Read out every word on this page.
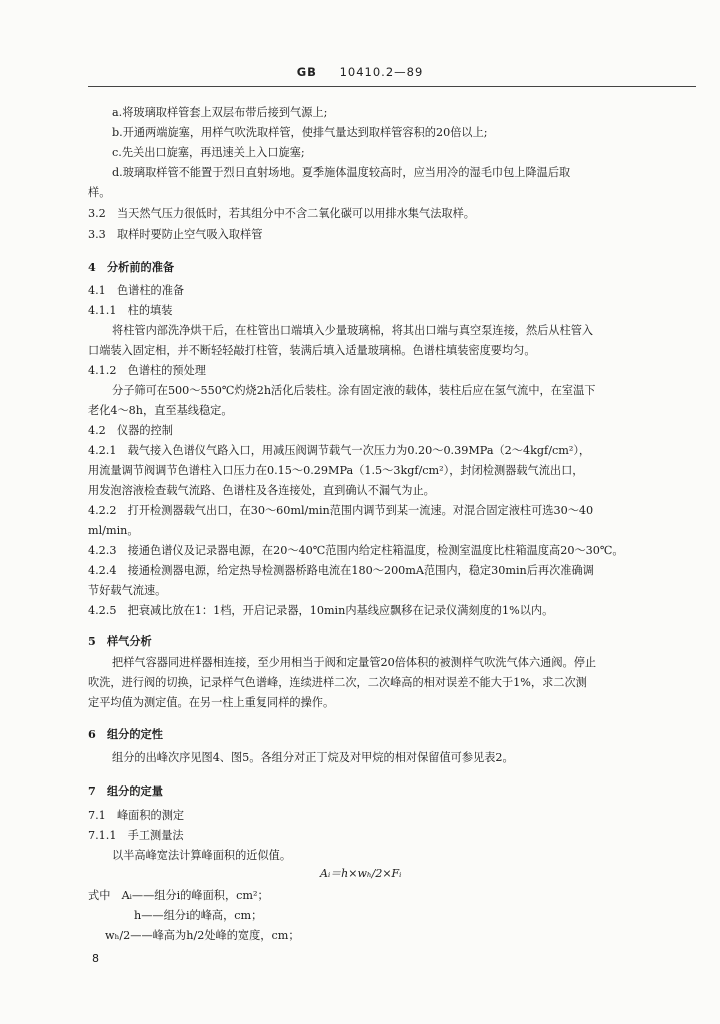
GB 10410.2—89
a.将玻璃取样管套上双层布带后接到气源上;
b.开通两端旋塞，用样气吹洗取样管，使排气量达到取样管容积的20倍以上;
c.先关出口旋塞，再迅速关上入口旋塞;
d.玻璃取样管不能置于烈日直射场地。夏季施体温度较高时，应当用冷的湿毛巾包上降温后取
样。
3.2　当天然气压力很低时，若其组分中不含二氧化碳可以用排水集气法取样。
3.3　取样时要防止空气吸入取样管
4　分析前的准备
4.1　色谱柱的准备
4.1.1　柱的填装
将柱管内部洗净烘干后，在柱管出口端填入少量玻璃棉，将其出口端与真空泵连接，然后从柱管入
口端装入固定相，并不断轻轻敲打柱管，装满后填入适量玻璃棉。色谱柱填装密度要均匀。
4.1.2　色谱柱的预处理
分子筛可在500～550℃灼烧2h活化后装柱。涂有固定液的载体，装柱后应在氢气流中，在室温下
老化4～8h，直至基线稳定。
4.2　仪器的控制
4.2.1　载气接入色谱仪气路入口，用减压阀调节载气一次压力为0.20～0.39MPa（2～4kgf/cm²），
用流量调节阀调节色谱柱入口压力在0.15～0.29MPa（1.5～3kgf/cm²），封闭检测器载气流出口，
用发泡溶液检查载气流路、色谱柱及各连接处，直到确认不漏气为止。
4.2.2　打开检测器载气出口，在30～60ml/min范围内调节到某一流速。对混合固定液柱可选30～40
ml/min。
4.2.3　接通色谱仪及记录器电源，在20～40℃范围内给定柱箱温度，检测室温度比柱箱温度高20～30℃。
4.2.4　接通检测器电源，给定热导检测器桥路电流在180～200mA范围内，稳定30min后再次准确调
节好载气流速。
4.2.5　把衰减比放在1：1档，开启记录器，10min内基线应飘移在记录仪满刻度的1%以内。
5　样气分析
把样气容器同进样器相连接，至少用相当于阀和定量管20倍体积的被测样气吹洗气体六通阀。停止
吹洗，进行阀的切换，记录样气色谱峰，连续进样二次，二次峰高的相对误差不能大于1%，求二次测
定平均值为测定值。在另一柱上重复同样的操作。
6　组分的定性
组分的出峰次序见图4、图5。各组分对正丁烷及对甲烷的相对保留值可参见表2。
7　组分的定量
7.1　峰面积的测定
7.1.1　手工测量法
以半高峰宽法计算峰面积的近似值。
Aᵢ＝h×wₕ/2×Fᵢ
式中　Aᵢ——组分i的峰面积，cm²；
h——组分i的峰高，cm；
wₕ/2——峰高为h/2处峰的宽度，cm；
8
